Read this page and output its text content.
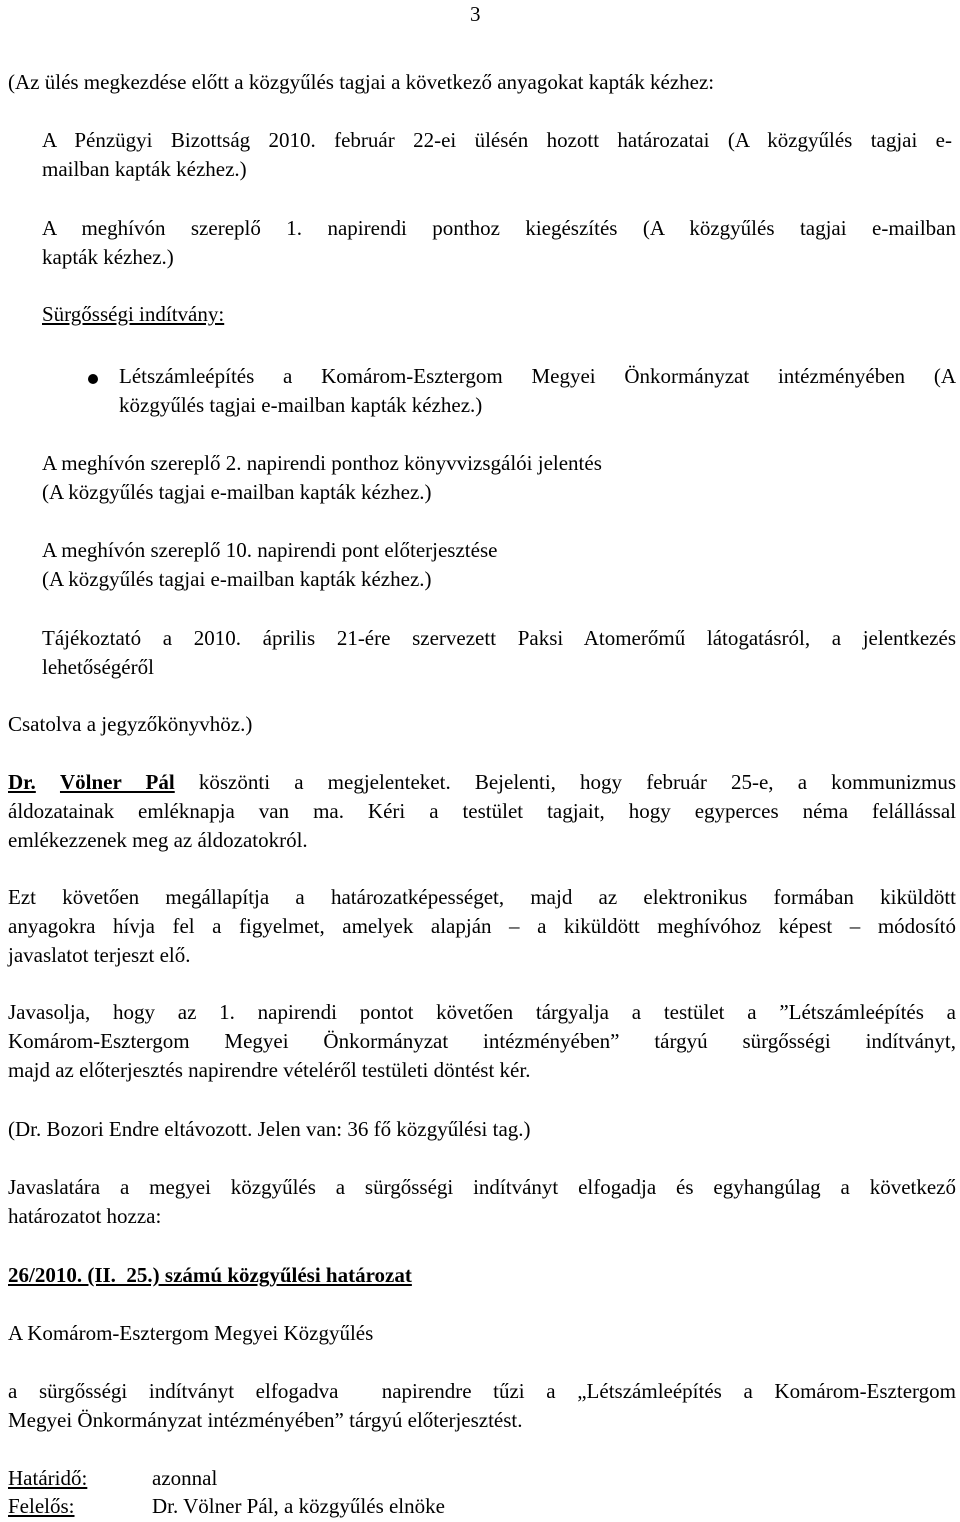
3
(Az ülés megkezdése előtt a közgyűlés tagjai a következő anyagokat kapták kézhez:
A Pénzügyi Bizottság 2010. február 22-ei ülésén hozott határozatai (A közgyűlés tagjai e-
mailban kapták kézhez.)
A meghívón szereplő 1. napirendi ponthoz kiegészítés (A közgyűlés tagjai e-mailban
kapták kézhez.)
Sürgősségi indítvány:
Létszámleépítés a Komárom-Esztergom Megyei Önkormányzat intézményében (A
közgyűlés tagjai e-mailban kapták kézhez.)
A meghívón szereplő 2. napirendi ponthoz könyvvizsgálói jelentés
(A közgyűlés tagjai e-mailban kapták kézhez.)
A meghívón szereplő 10. napirendi pont előterjesztése
(A közgyűlés tagjai e-mailban kapták kézhez.)
Tájékoztató a 2010. április 21-ére szervezett Paksi Atomerőmű látogatásról, a jelentkezés
lehetőségéről
Csatolva a jegyzőkönyvhöz.)
Dr. Völner Pál köszönti a megjelenteket. Bejelenti, hogy február 25-e, a kommunizmus
áldozatainak emléknapja van ma. Kéri a testület tagjait, hogy egyperces néma felállással
emlékezzenek meg az áldozatokról.
Ezt követően megállapítja a határozatképességet, majd az elektronikus formában kiküldött
anyagokra hívja fel a figyelmet, amelyek alapján – a kiküldött meghívóhoz képest – módosító
javaslatot terjeszt elő.
Javasolja, hogy az 1. napirendi pontot követően tárgyalja a testület a ”Létszámleépítés a
Komárom-Esztergom Megyei Önkormányzat intézményében” tárgyú sürgősségi indítványt,
majd az előterjesztés napirendre vételéről testületi döntést kér.
(Dr. Bozori Endre eltávozott. Jelen van: 36 fő közgyűlési tag.)
Javaslatára a megyei közgyűlés a sürgősségi indítványt elfogadja és egyhangúlag a következő
határozatot hozza:
26/2010. (II.  25.) számú közgyűlési határozat
A Komárom-Esztergom Megyei Közgyűlés
a sürgősségi indítványt elfogadva  napirendre tűzi a „Létszámleépítés a Komárom-Esztergom
Megyei Önkormányzat intézményében” tárgyú előterjesztést.
Határidő:	azonnal
Felelős:	Dr. Völner Pál, a közgyűlés elnöke
